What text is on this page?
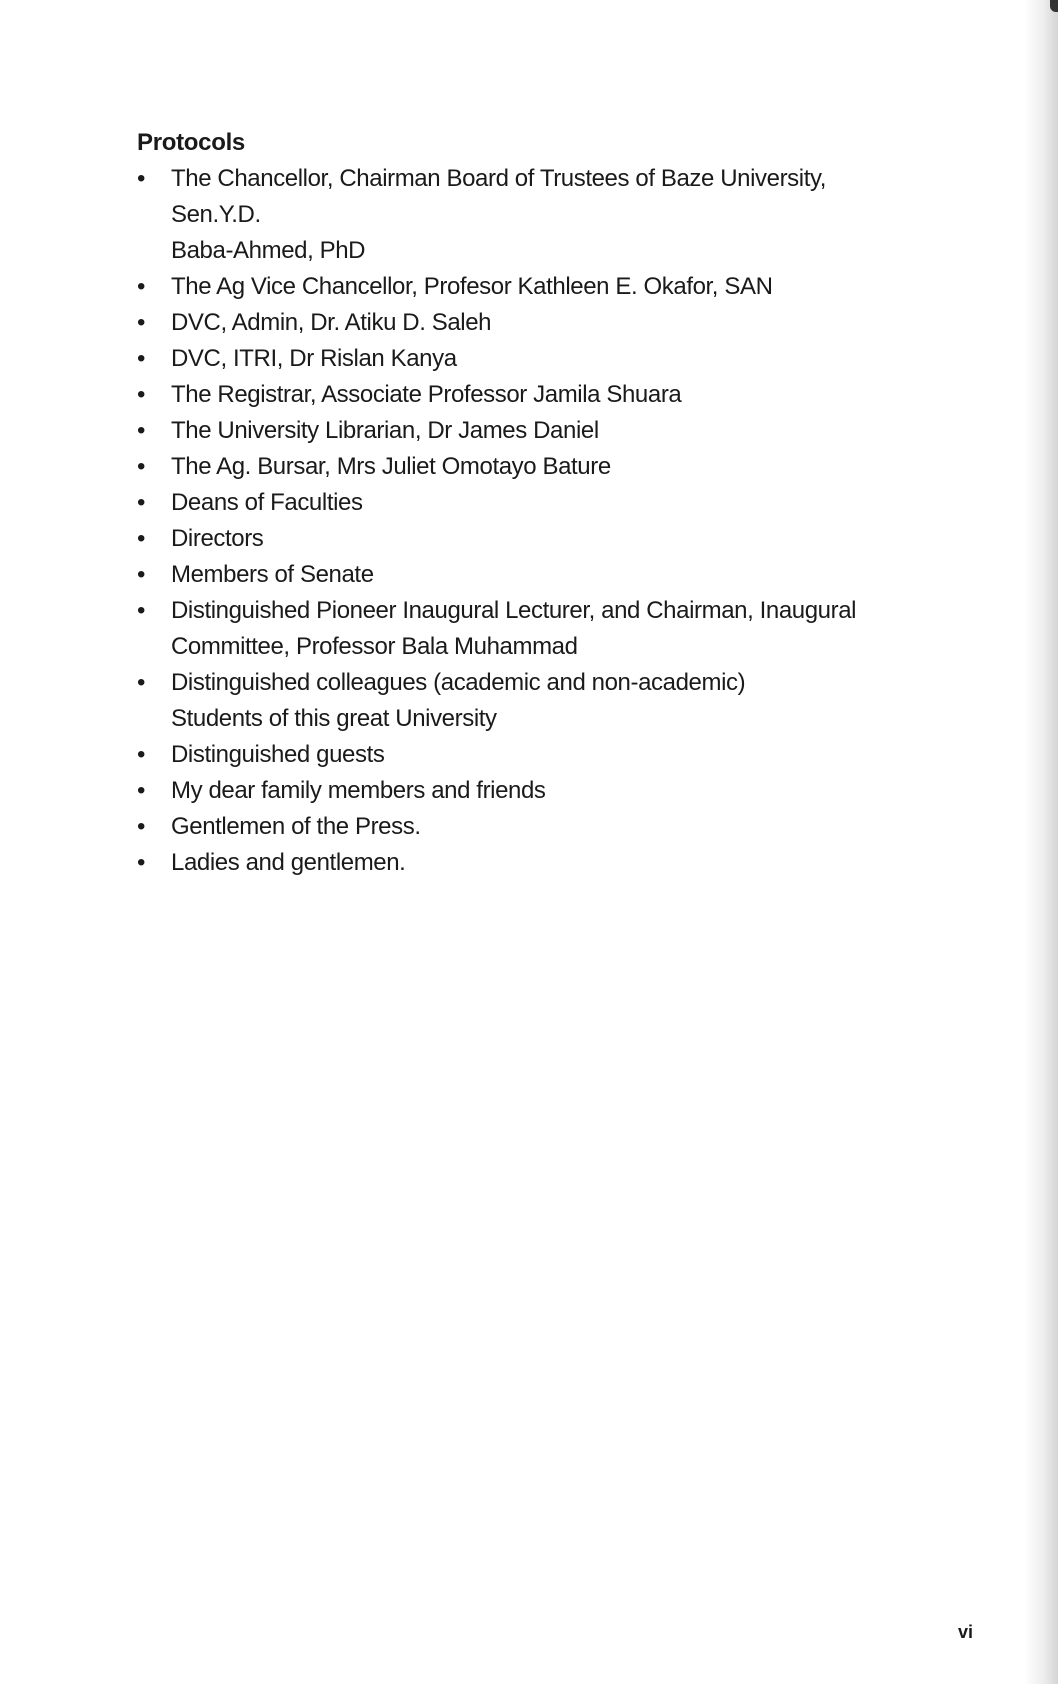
Protocols
•	The Chancellor, Chairman Board of Trustees of Baze University, Sen.Y.D.
Baba-Ahmed, PhD
•	The Ag Vice Chancellor, Profesor Kathleen E. Okafor, SAN
•	DVC, Admin, Dr. Atiku D. Saleh
•	DVC, ITRI, Dr Rislan Kanya
•	The Registrar, Associate Professor Jamila Shuara
•	The University Librarian, Dr James Daniel
•	The Ag. Bursar, Mrs Juliet Omotayo Bature
•	Deans of Faculties
•	Directors
•	Members of Senate
•	Distinguished Pioneer Inaugural Lecturer, and Chairman, Inaugural
Committee, Professor Bala Muhammad
•	Distinguished colleagues (academic and non-academic)
Students of this great University
•	Distinguished guests
•	My dear family members and friends
•	Gentlemen of the Press.
•	Ladies and gentlemen.
vi
